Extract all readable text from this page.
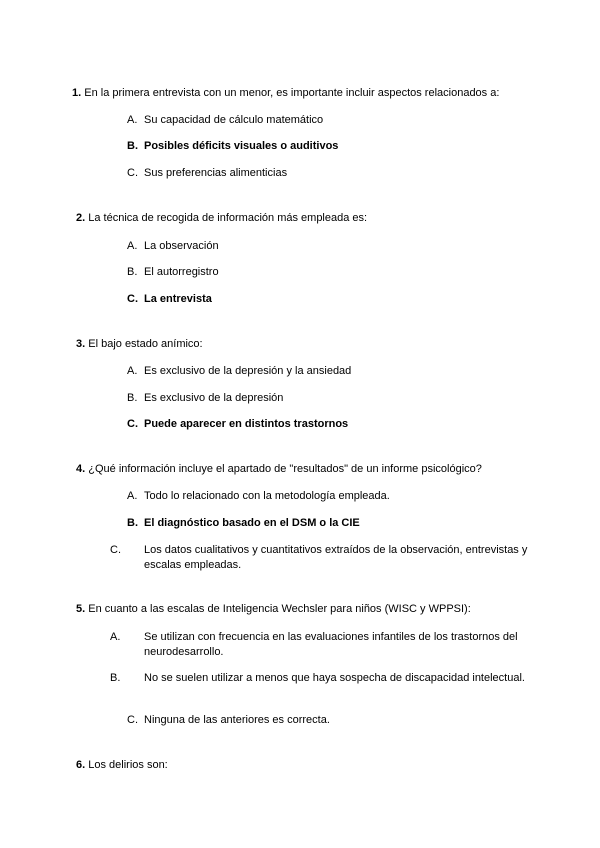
1. En la primera entrevista con un menor, es importante incluir aspectos relacionados a:
A. Su capacidad de cálculo matemático
B. Posibles déficits visuales o auditivos
C. Sus preferencias alimenticias
2. La técnica de recogida de información más empleada es:
A. La observación
B. El autorregistro
C. La entrevista
3. El bajo estado anímico:
A. Es exclusivo de la depresión y la ansiedad
B. Es exclusivo de la depresión
C. Puede aparecer en distintos trastornos
4. ¿Qué información incluye el apartado de "resultados" de un informe psicológico?
A. Todo lo relacionado con la metodología empleada.
B. El diagnóstico basado en el DSM o la CIE
C. Los datos cualitativos y cuantitativos extraídos de la observación, entrevistas y escalas empleadas.
5. En cuanto a las escalas de Inteligencia Wechsler para niños (WISC y WPPSI):
A. Se utilizan con frecuencia en las evaluaciones infantiles de los trastornos del neurodesarrollo.
B. No se suelen utilizar a menos que haya sospecha de discapacidad intelectual.
C. Ninguna de las anteriores es correcta.
6. Los delirios son:
